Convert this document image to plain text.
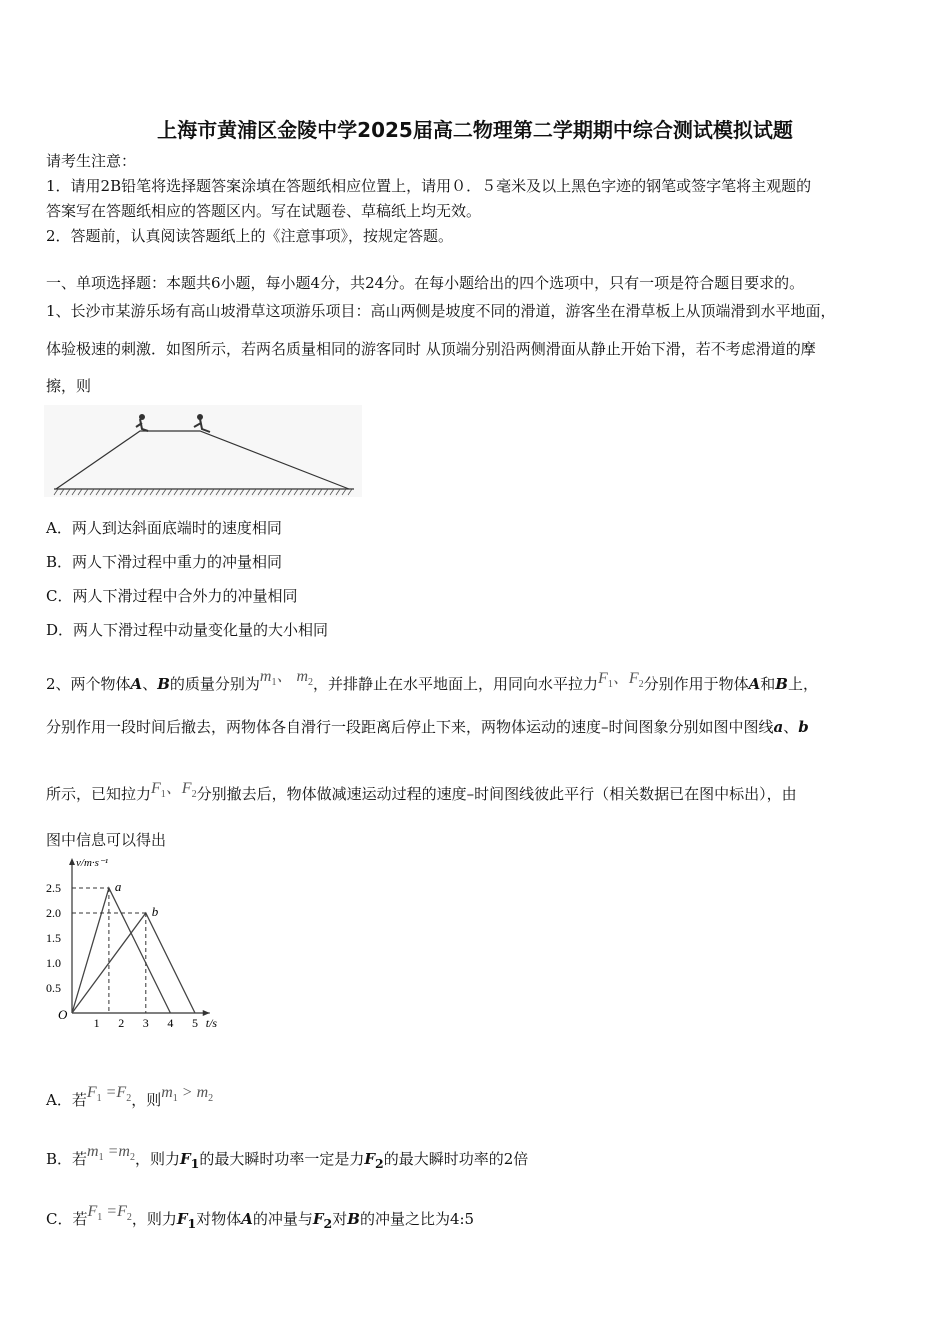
上海市黄浦区金陵中学2025届高二物理第二学期期中综合测试模拟试题
请考生注意：
1．请用2B铅笔将选择题答案涂填在答题纸相应位置上，请用０．５毫米及以上黑色字迹的钢笔或签字笔将主观题的
答案写在答题纸相应的答题区内。写在试题卷、草稿纸上均无效。
2．答题前，认真阅读答题纸上的《注意事项》，按规定答题。
一、单项选择题：本题共6小题，每小题4分，共24分。在每小题给出的四个选项中，只有一项是符合题目要求的。
1、长沙市某游乐场有高山坡滑草这项游乐项目：高山两侧是坡度不同的滑道，游客坐在滑草板上从顶端滑到水平地面，
体验极速的刺激．如图所示，若两名质量相同的游客同时 从顶端分别沿两侧滑面从静止开始下滑，若不考虑滑道的摩
擦，则
A．两人到达斜面底端时的速度相同
B．两人下滑过程中重力的冲量相同
C．两人下滑过程中合外力的冲量相同
D．两人下滑过程中动量变化量的大小相同
2、两个物体A、B的质量分别为$m_1$、 $m_2$，并排静止在水平地面上，用同向水平拉力$F_1$、$F_2$分别作用于物体A和B上，
分别作用一段时间后撤去，两物体各自滑行一段距离后停止下来，两物体运动的速度–时间图象分别如图中图线a、b
所示，已知拉力$F_1$、$F_2$分别撤去后，物体做减速运动过程的速度–时间图线彼此平行（相关数据已在图中标出），由
图中信息可以得出
v/m·s⁻¹
t/s
O
1 2 3 4 5
0.5
1.0
1.5
2.0
2.5	a
b
A．若$F_1 =F_2$，则$m_1 > m_2$
B．若$m_1 =m_2$，则力$F_1$的最大瞬时功率一定是力$F_2$的最大瞬时功率的2倍
C．若$F_1 =F_2$，则力$F_1$对物体A的冲量与$F_2$对B的冲量之比为4:5
